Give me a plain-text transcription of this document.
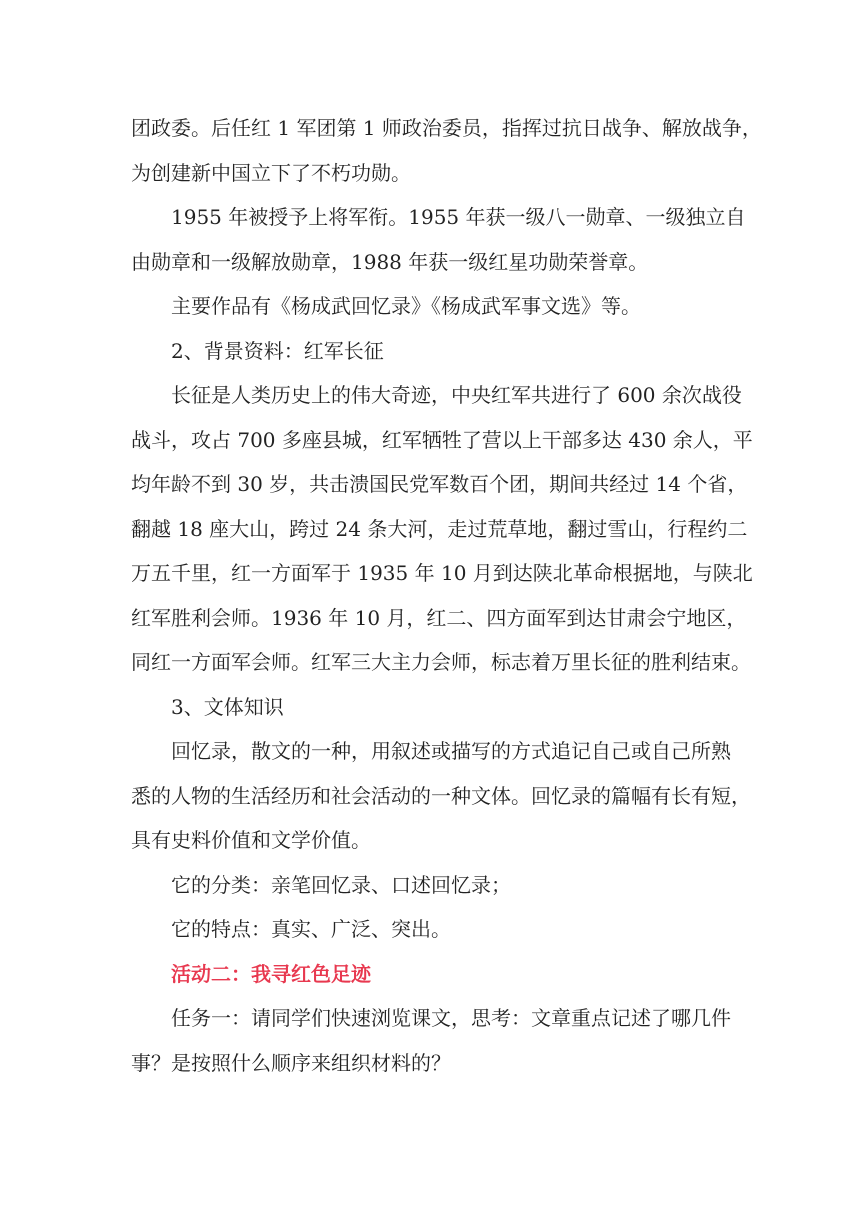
团政委。后任红 1 军团第 1 师政治委员，指挥过抗日战争、解放战争，

为创建新中国立下了不朽功勋。

1955 年被授予上将军衔。1955 年获一级八一勋章、一级独立自

由勋章和一级解放勋章，1988 年获一级红星功勋荣誉章。

主要作品有《杨成武回忆录》《杨成武军事文选》等。

2、背景资料：红军长征

长征是人类历史上的伟大奇迹，中央红军共进行了 600 余次战役

战斗，攻占 700 多座县城，红军牺牲了营以上干部多达 430 余人，平

均年龄不到 30 岁，共击溃国民党军数百个团，期间共经过 14 个省，

翻越 18 座大山，跨过 24 条大河，走过荒草地，翻过雪山，行程约二

万五千里，红一方面军于 1935 年 10 月到达陕北革命根据地，与陕北

红军胜利会师。1936 年 10 月，红二、四方面军到达甘肃会宁地区，

同红一方面军会师。红军三大主力会师，标志着万里长征的胜利结束。

3、文体知识

回忆录，散文的一种，用叙述或描写的方式追记自己或自己所熟

悉的人物的生活经历和社会活动的一种文体。回忆录的篇幅有长有短，

具有史料价值和文学价值。

它的分类：亲笔回忆录、口述回忆录；

它的特点：真实、广泛、突出。

活动二：我寻红色足迹

任务一：请同学们快速浏览课文，思考：文章重点记述了哪几件

事？是按照什么顺序来组织材料的？
